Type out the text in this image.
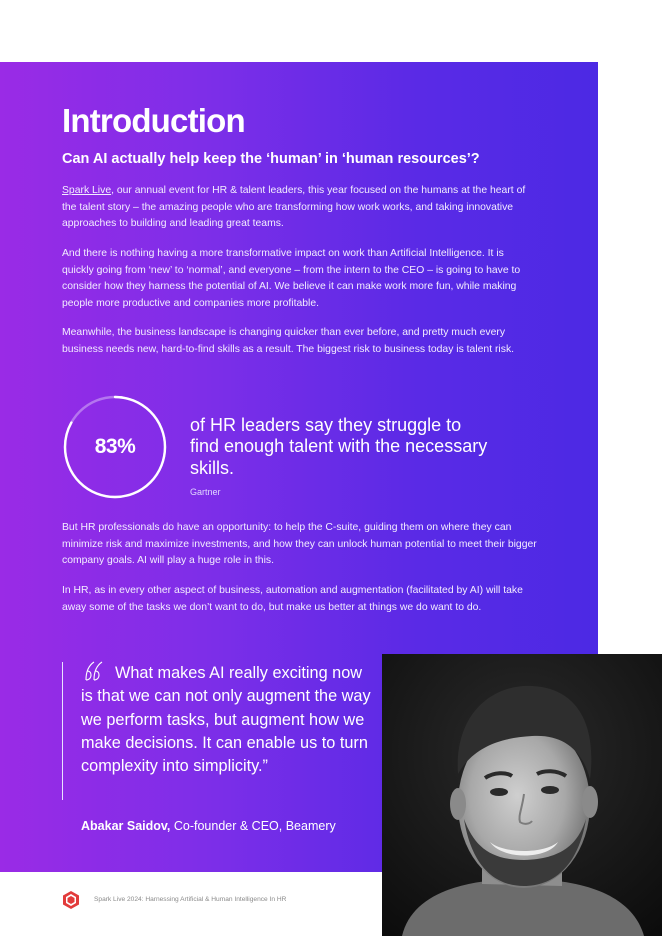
Introduction
Can AI actually help keep the ‘human’ in ‘human resources’?

Spark Live, our annual event for HR & talent leaders, this year focused on the humans at the heart of the talent story – the amazing people who are transforming how work works, and taking innovative approaches to building and leading great teams.

And there is nothing having a more transformative impact on work than Artificial Intelligence. It is quickly going from ‘new’ to ‘normal’, and everyone – from the intern to the CEO – is going to have to consider how they harness the potential of AI. We believe it can make work more fun, while making people more productive and companies more profitable.

Meanwhile, the business landscape is changing quicker than ever before, and pretty much every business needs new, hard-to-find skills as a result. The biggest risk to business today is talent risk.

83%

of HR leaders say they struggle to find enough talent with the necessary skills.

Gartner

But HR professionals do have an opportunity: to help the C-suite, guiding them on where they can minimize risk and maximize investments, and how they can unlock human potential to meet their bigger company goals. AI will play a huge role in this.

In HR, as in every other aspect of business, automation and augmentation (facilitated by AI) will take away some of the tasks we don’t want to do, but make us better at things we do want to do.

What makes AI really exciting now is that we can not only augment the way we perform tasks, but augment how we make decisions. It can enable us to turn complexity into simplicity.”

Abakar Saidov, Co-founder & CEO, Beamery

Spark Live 2024: Harnessing Artificial & Human Intelligence In HR
